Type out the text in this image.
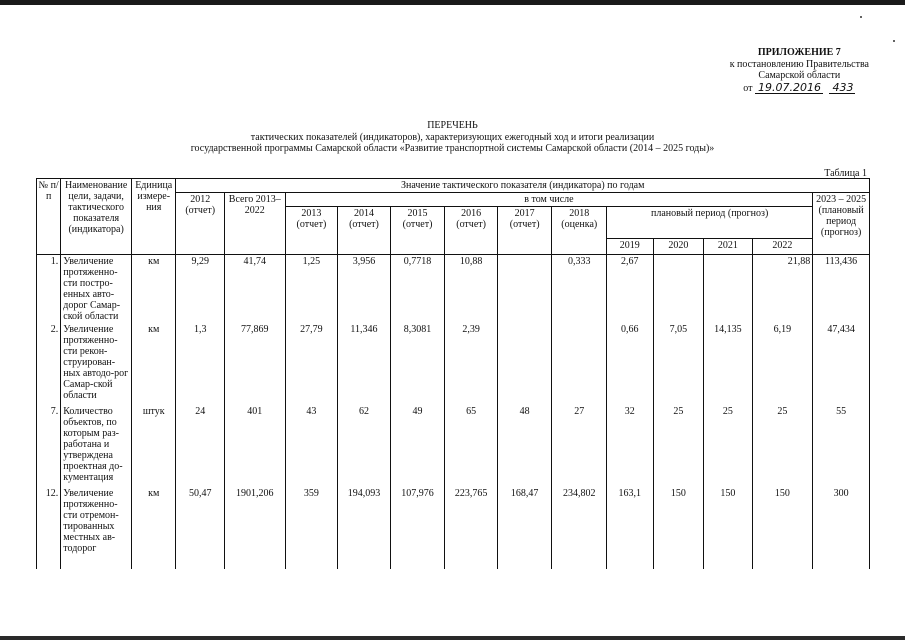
ПРИЛОЖЕНИЕ 7
к постановлению Правительства
Самарской области
от 19.07.2016 433
ПЕРЕЧЕНЬ
тактических показателей (индикаторов), характеризующих ежегодный ход и итоги реализации
государственной программы Самарской области «Развитие транспортной системы Самарской области (2014 – 2025 годы)»
Таблица 1
№ п/п	Наименование цели, задачи, тактического показателя (индикатора)	Единица измере-ния	Значение тактического показателя (индикатора) по годам												
			2012 (отчет)	Всего 2013–2022	в том числе										2023 – 2025 (плановый период (прогноз)
					2013 (отчет)	2014 (отчет)	2015 (отчет)	2016 (отчет)	2017 (отчет)	2018 (оценка)	плановый период (прогноз)				
											2019	2020	2021	2022	
1.	Увеличение протяженно-сти постро-енных авто-дорог Самар-ской области	км	9,29	41,74	1,25	3,956	0,7718	10,88		0,333	2,67			21,88	113,436
2.	Увеличение протяженно-сти рекон-струирован-ных автодо-рог Самар-ской области	км	1,3	77,869	27,79	11,346	8,3081	2,39			0,66	7,05	14,135	6,19	47,434
7.	Количество объектов, по которым раз-работана и утверждена проектная до-кументация	штук	24	401	43	62	49	65	48	27	32	25	25	25	55
12.	Увеличение протяженно-сти отремон-тированных местных ав-тодорог	км	50,47	1901,206	359	194,093	107,976	223,765	168,47	234,802	163,1	150	150	150	300
